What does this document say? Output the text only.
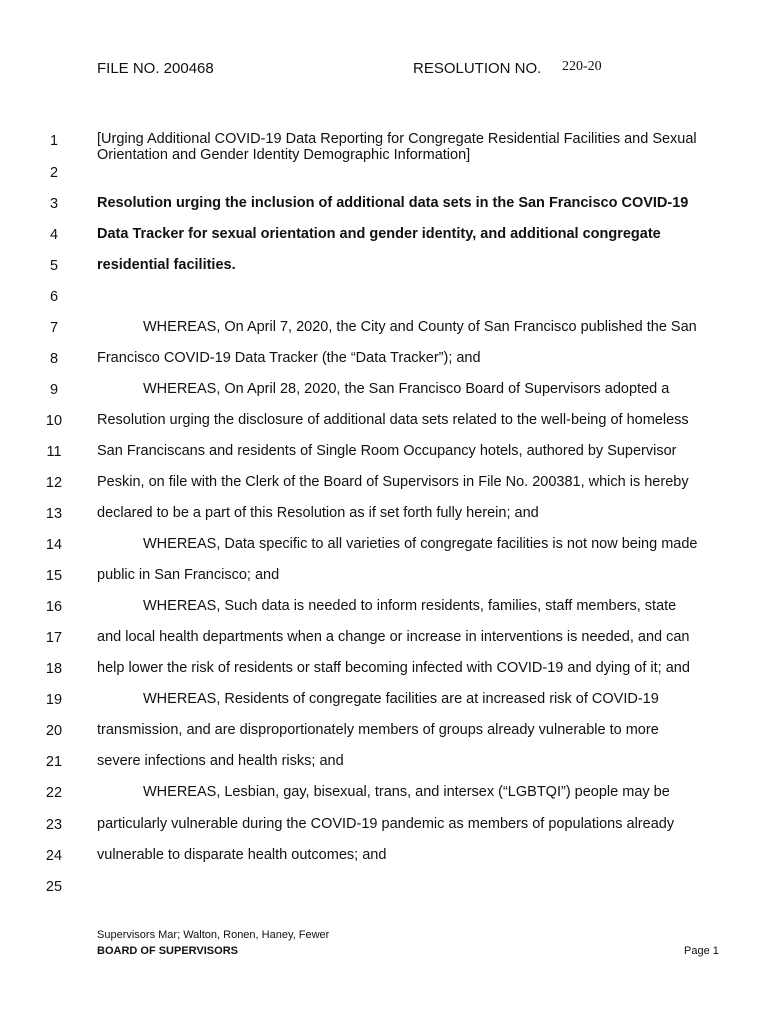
FILE NO. 200468	RESOLUTION NO. 220-20
[Urging Additional COVID-19 Data Reporting for Congregate Residential Facilities and Sexual Orientation and Gender Identity Demographic Information]
1
2
3	Resolution urging the inclusion of additional data sets in the San Francisco COVID-19
4	Data Tracker for sexual orientation and gender identity, and additional congregate
5	residential facilities.
6
7	WHEREAS, On April 7, 2020, the City and County of San Francisco published the San
8	Francisco COVID-19 Data Tracker (the “Data Tracker”); and
9	WHEREAS, On April 28, 2020, the San Francisco Board of Supervisors adopted a
10	Resolution urging the disclosure of additional data sets related to the well-being of homeless
11	San Franciscans and residents of Single Room Occupancy hotels, authored by Supervisor
12	Peskin, on file with the Clerk of the Board of Supervisors in File No. 200381, which is hereby
13	declared to be a part of this Resolution as if set forth fully herein; and
14	WHEREAS, Data specific to all varieties of congregate facilities is not now being made
15	public in San Francisco; and
16	WHEREAS, Such data is needed to inform residents, families, staff members, state
17	and local health departments when a change or increase in interventions is needed, and can
18	help lower the risk of residents or staff becoming infected with COVID-19 and dying of it; and
19	WHEREAS, Residents of congregate facilities are at increased risk of COVID-19
20	transmission, and are disproportionately members of groups already vulnerable to more
21	severe infections and health risks; and
22	WHEREAS, Lesbian, gay, bisexual, trans, and intersex (“LGBTQI”) people may be
23	particularly vulnerable during the COVID-19 pandemic as members of populations already
24	vulnerable to disparate health outcomes; and
25
Supervisors Mar; Walton, Ronen, Haney, Fewer
BOARD OF SUPERVISORS	Page 1
